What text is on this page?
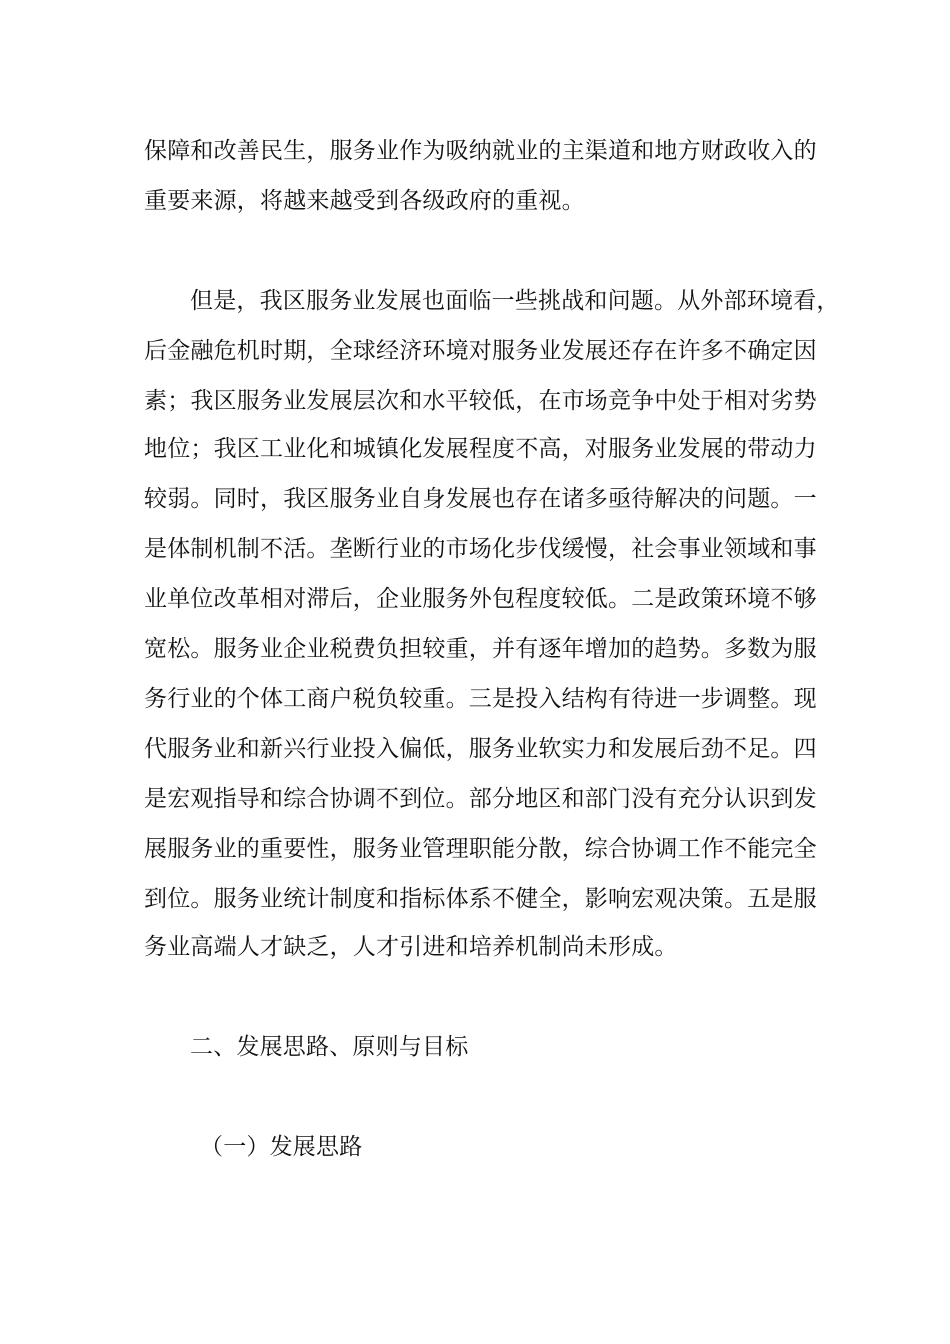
保障和改善民生，服务业作为吸纳就业的主渠道和地方财政收入的
重要来源，将越来越受到各级政府的重视。
但是，我区服务业发展也面临一些挑战和问题。从外部环境看，
后金融危机时期，全球经济环境对服务业发展还存在许多不确定因
素；我区服务业发展层次和水平较低，在市场竞争中处于相对劣势
地位；我区工业化和城镇化发展程度不高，对服务业发展的带动力
较弱。同时，我区服务业自身发展也存在诸多亟待解决的问题。一
是体制机制不活。垄断行业的市场化步伐缓慢，社会事业领域和事
业单位改革相对滞后，企业服务外包程度较低。二是政策环境不够
宽松。服务业企业税费负担较重，并有逐年增加的趋势。多数为服
务行业的个体工商户税负较重。三是投入结构有待进一步调整。现
代服务业和新兴行业投入偏低，服务业软实力和发展后劲不足。四
是宏观指导和综合协调不到位。部分地区和部门没有充分认识到发
展服务业的重要性，服务业管理职能分散，综合协调工作不能完全
到位。服务业统计制度和指标体系不健全，影响宏观决策。五是服
务业高端人才缺乏，人才引进和培养机制尚未形成。
二、发展思路、原则与目标
（一）发展思路
